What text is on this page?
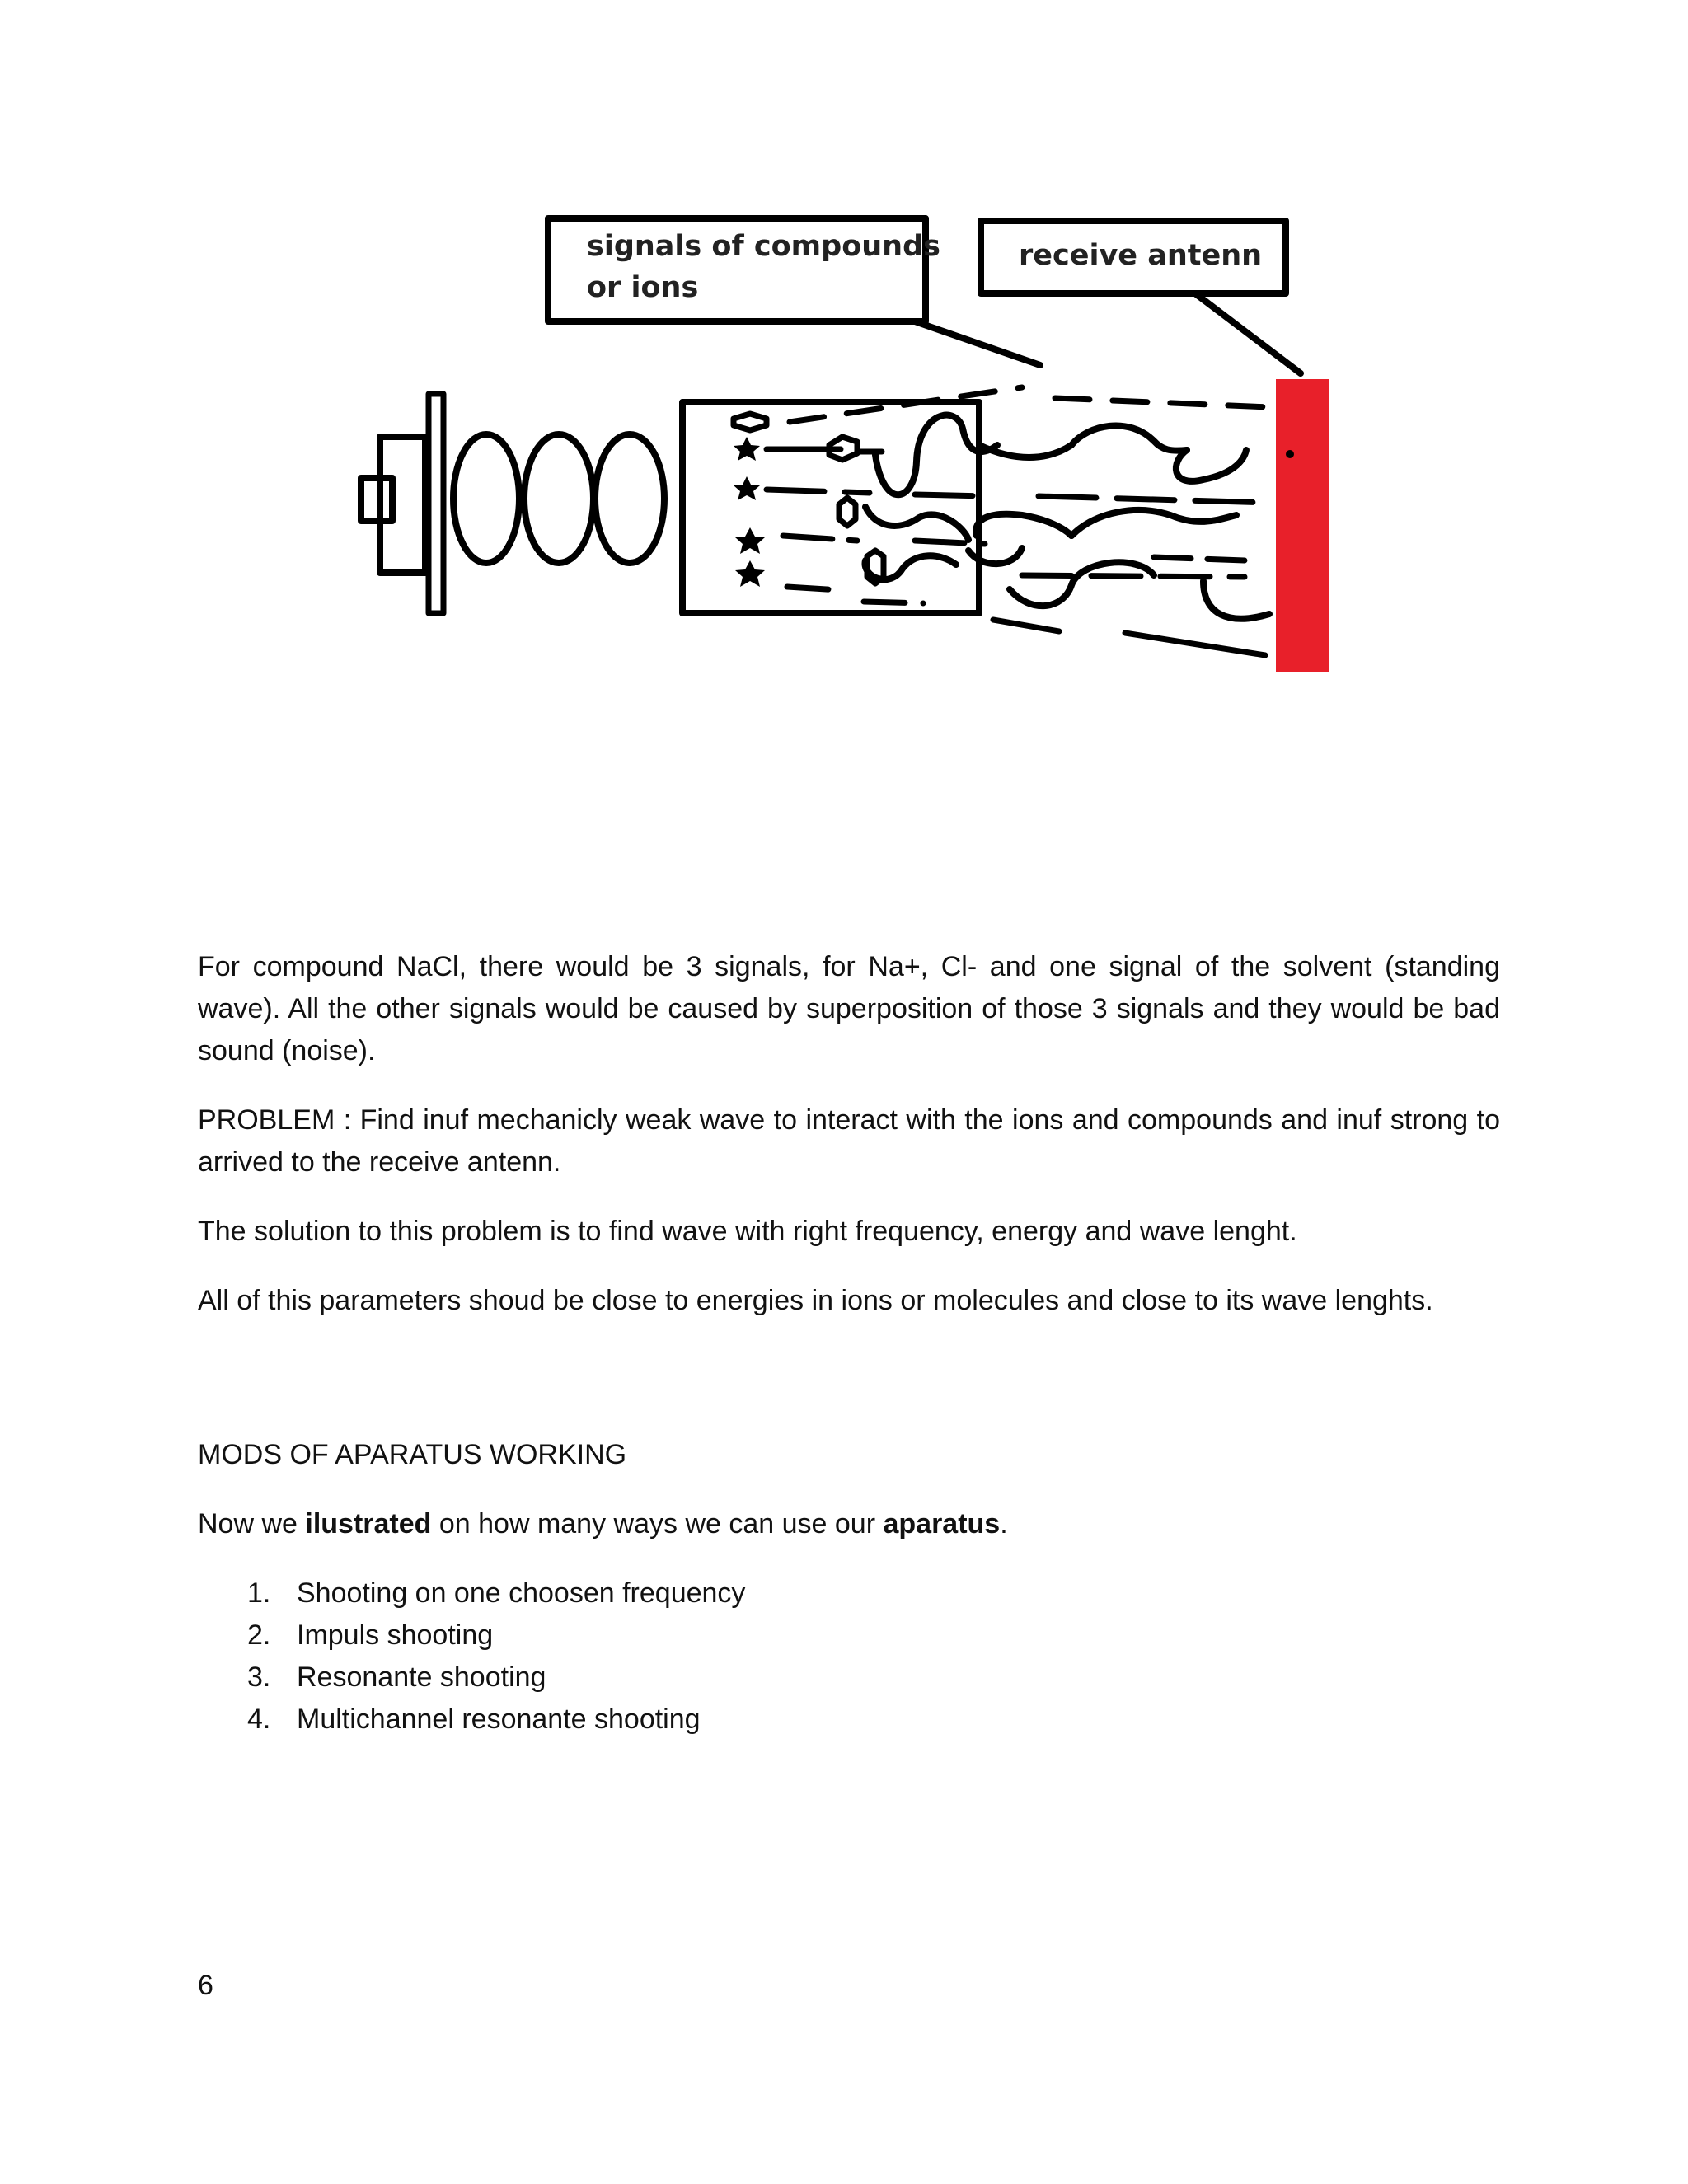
signals of compounds
or ions
receive antenn

For compound NaCl, there would be 3 signals, for Na+, Cl- and one signal of the solvent (standing wave). All the other signals would be caused by superposition of those 3 signals and they would be bad sound (noise).

PROBLEM : Find inuf mechanicly weak wave to interact with the ions and compounds and inuf strong to arrived to the receive antenn.

The solution to this problem is to find wave with right frequency, energy and wave lenght.

All of this parameters shoud be close to energies in ions or molecules and close to its wave lenghts.

MODS OF APARATUS WORKING

Now we ilustrated on how many ways we can use our aparatus.

1. Shooting on one choosen frequency
2. Impuls shooting
3. Resonante shooting
4. Multichannel resonante shooting
6
